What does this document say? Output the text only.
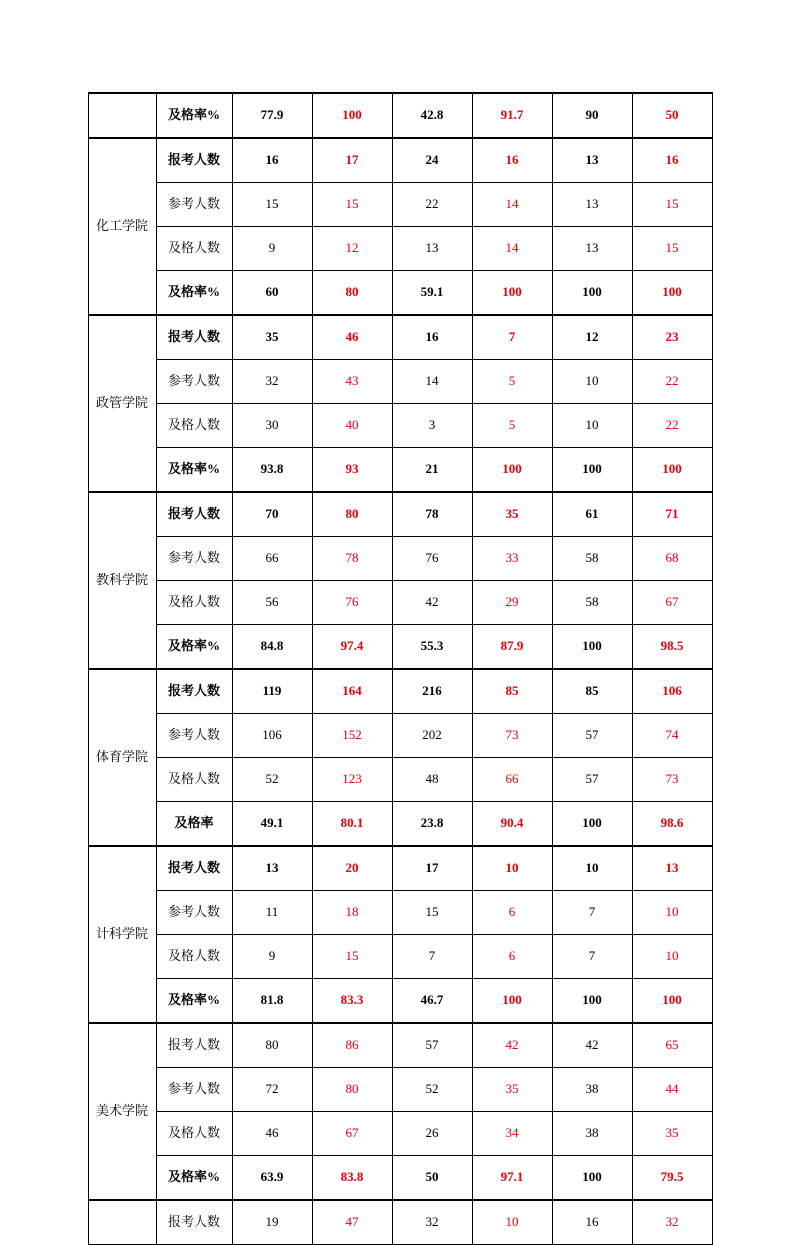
	及格率%	77.9	100	42.8	91.7	90	50
化工学院	报考人数	16	17	24	16	13	16
	参考人数	15	15	22	14	13	15
	及格人数	9	12	13	14	13	15
	及格率%	60	80	59.1	100	100	100
政管学院	报考人数	35	46	16	7	12	23
	参考人数	32	43	14	5	10	22
	及格人数	30	40	3	5	10	22
	及格率%	93.8	93	21	100	100	100
教科学院	报考人数	70	80	78	35	61	71
	参考人数	66	78	76	33	58	68
	及格人数	56	76	42	29	58	67
	及格率%	84.8	97.4	55.3	87.9	100	98.5
体育学院	报考人数	119	164	216	85	85	106
	参考人数	106	152	202	73	57	74
	及格人数	52	123	48	66	57	73
	及格率	49.1	80.1	23.8	90.4	100	98.6
计科学院	报考人数	13	20	17	10	10	13
	参考人数	11	18	15	6	7	10
	及格人数	9	15	7	6	7	10
	及格率%	81.8	83.3	46.7	100	100	100
美术学院	报考人数	80	86	57	42	42	65
	参考人数	72	80	52	35	38	44
	及格人数	46	67	26	34	38	35
	及格率%	63.9	83.8	50	97.1	100	79.5
	报考人数	19	47	32	10	16	32
